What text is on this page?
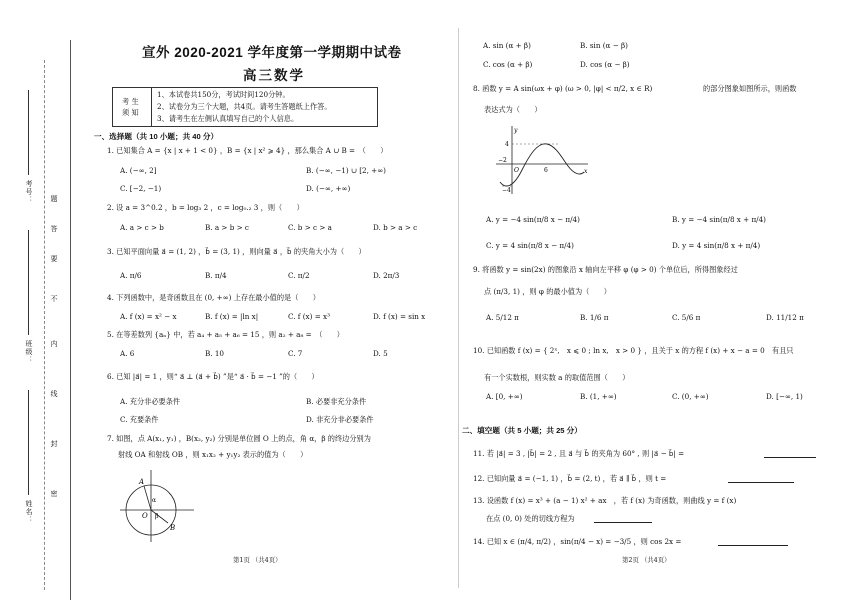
考号：
班级：
姓名：
密
封
线
内
不
要
答
题
宣外 2020-2021 学年度第一学期期中试卷
高三数学
考 生
须 知
1、本试卷共150分，考试时间120分钟。
2、试卷分为三个大题，共4页。请考生答题纸上作答。
3、请考生在左侧认真填写自己的个人信息。
一、选择题（共 10 小题；共 40 分）
1. 已知集合 A = {x | x + 1 < 0} ，B = {x | x² ⩾ 4} ，那么集合 A ∪ B =　（　　）
A. (−∞, 2]	B. (−∞, −1) ∪ [2, +∞)
C. [−2, −1)	D. (−∞, +∞)
2. 设 a = 3^0.2 ，b = log₃ 2 ，c = log₀.₂ 3 ，则（　　）
A. a > c > b	B. a > b > c	C. b > c > a	D. b > a > c
3. 已知平面向量 a⃗ = (1, 2) ，b⃗ = (3, 1) ，则向量 a⃗ ，b⃗ 的夹角大小为（　　）
A. π/6	B. π/4	C. π/2	D. 2π/3
4. 下列函数中，是奇函数且在 (0, +∞) 上存在最小值的是（　　）
A. f (x) = x² − x	B. f (x) = |ln x|	C. f (x) = x³	D. f (x) = sin x
5. 在等差数列 {aₙ} 中，若 a₄ + a₅ + a₆ = 15 ，则 a₂ + a₈ =　（　　）
A. 6	B. 10	C. 7	D. 5
6. 已知 |a⃗| = 1 ，则“ a⃗ ⊥ (a⃗ + b⃗) ”是“ a⃗ · b⃗ = −1 ”的（　　）
A. 充分非必要条件	B. 必要非充分条件
C. 充要条件	D. 非充分非必要条件
7. 如图，点 A(x₁, y₁) ，B(x₂, y₂) 分别是单位圆 O 上的点，角 α，β 的终边分别为
射线 OA 和射线 OB ，则 x₁x₂ + y₁y₂ 表示的值为（　　）
A
B
O
α
β
第1页 （共4页）
A. sin (α + β)	B. sin (α − β)
C. cos (α + β)	D. cos (α − β)
8. 函数 y = A sin(ωx + φ) (ω > 0, |φ| < π/2, x ∈ R)	的部分图象如图所示，则函数
表达式为（　　）
y
x
4
−4
−2
O	6
A. y = −4 sin(π/8 x − π/4)	B. y = −4 sin(π/8 x + π/4)
C. y = 4 sin(π/8 x − π/4)	D. y = 4 sin(π/8 x + π/4)
9. 将函数 y = sin(2x) 的图象沿 x 轴向左平移 φ (φ > 0) 个单位后，所得图象经过
点 (π/3, 1) ，则 φ 的最小值为（　　）
A. 5/12 π	B. 1/6 π	C. 5/6 π	D. 11/12 π
10. 已知函数 f (x) = { 2ˣ,　x ⩽ 0 ; ln x,　x > 0 } ，且关于 x 的方程 f (x) + x − a = 0　有且只
有一个实数根，则实数 a 的取值范围（　　）
A. [0, +∞)	B. (1, +∞)	C. (0, +∞)	D. [−∞, 1)
二、填空题（共 5 小题；共 25 分）
11. 若 |a⃗| = 3 , |b⃗| = 2 , 且 a⃗ 与 b⃗ 的夹角为 60° , 则 |a⃗ − b⃗| =
12. 已知向量 a⃗ = (−1, 1) ，b⃗ = (2, t) ，若 a⃗ ∥ b⃗ ，则 t =
13. 设函数 f (x) = x³ + (a − 1) x² + ax　，若 f (x) 为奇函数，则曲线 y = f (x)
在点 (0, 0) 处的切线方程为
14. 已知 x ∈ (π/4, π/2) ，sin(π/4 − x) = −3/5 ，则 cos 2x =
第2页 （共4页）
